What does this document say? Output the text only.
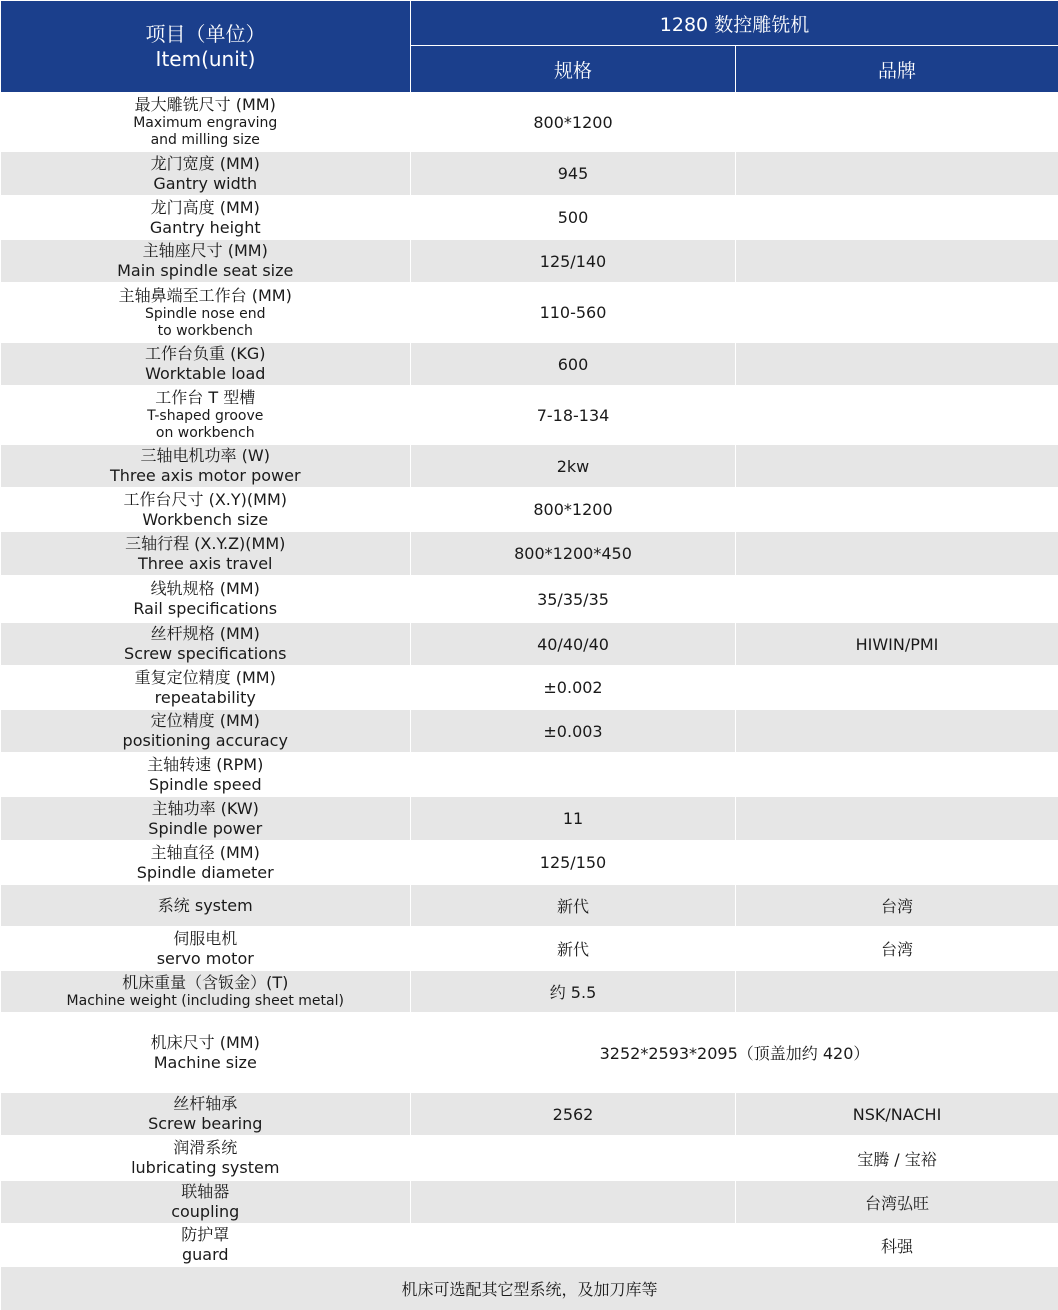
项目（单位）
Item(unit)	1280 数控雕铣机	
	规格	品牌

最大雕铣尺寸 (MM)
Maximum engraving
and milling size	800*1200	

龙门宽度 (MM)
Gantry width	945	

龙门高度 (MM)
Gantry height	500	

主轴座尺寸 (MM)
Main spindle seat size	125/140	

主轴鼻端至工作台 (MM)
Spindle nose end
to workbench	110-560	

工作台负重 (KG)
Worktable load	600	

工作台 T 型槽
T-shaped groove
on workbench	7-18-134	

三轴电机功率 (W)
Three axis motor power	2kw	

工作台尺寸 (X.Y)(MM)
Workbench size	800*1200	

三轴行程 (X.Y.Z)(MM)
Three axis travel	800*1200*450	

线轨规格 (MM)
Rail specifications	35/35/35	

丝杆规格 (MM)
Screw specifications	40/40/40	HIWIN/PMI

重复定位精度 (MM)
repeatability	±0.002	

定位精度 (MM)
positioning accuracy	±0.003	

主轴转速 (RPM)
Spindle speed		

主轴功率 (KW)
Spindle power	11	

主轴直径 (MM)
Spindle diameter	125/150	

系统 system	新代	台湾

伺服电机
servo motor	新代	台湾

机床重量（含钣金）(T)
Machine weight (including sheet metal)	约 5.5	

机床尺寸 (MM)
Machine size	3252*2593*2095（顶盖加约 420）	

丝杆轴承
Screw bearing	2562	NSK/NACHI

润滑系统
lubricating system		宝腾 / 宝裕

联轴器
coupling		台湾弘旺

防护罩
guard		科强
机床可选配其它型系统，及加刀库等		
